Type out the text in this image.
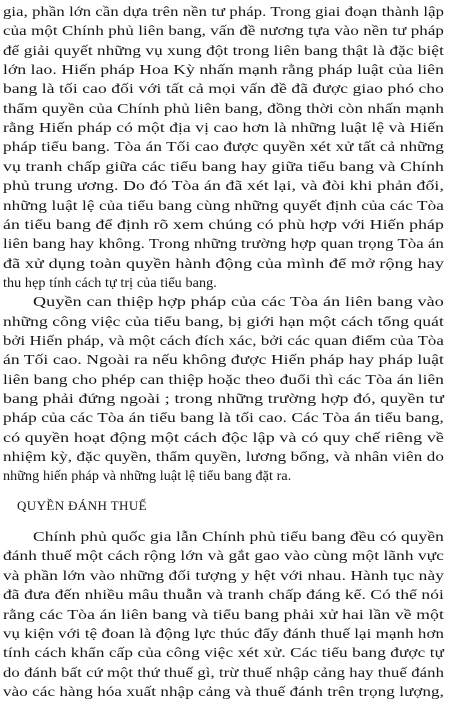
gia, phần lớn cần dựa trên nền tư pháp. Trong giai đoạn thành lập
của một Chính phủ liên bang, vấn đề nương tựa vào nền tư pháp
để giải quyết những vụ xung đột trong liên bang thật là đặc biệt
lớn lao. Hiến pháp Hoa Kỳ nhấn mạnh rằng pháp luật của liên
bang là tối cao đối với tất cả mọi vấn đề đã được giao phó cho
thẩm quyền của Chính phủ liên bang, đồng thời còn nhấn mạnh
rằng Hiến pháp có một địa vị cao hơn là những luật lệ và Hiến
pháp tiểu bang. Tòa án Tối cao được quyền xét xử tất cả những
vụ tranh chấp giữa các tiểu bang hay giữa tiểu bang và Chính
phủ trung ương. Do đó Tòa án đã xét lại, và đòi khi phản đối,
những luật lệ của tiểu bang cùng những quyết định của các Tòa
án tiểu bang để định rõ xem chúng có phù hợp với Hiến pháp
liên bang hay không. Trong những trường hợp quan trọng Tòa án
đã xử dụng toàn quyền hành động của mình để mở rộng hay
thu hẹp tính cách tự trị của tiểu bang.
Quyền can thiệp hợp pháp của các Tòa án liên bang vào
những công việc của tiểu bang, bị giới hạn một cách tổng quát
bởi Hiến pháp, và một cách đích xác, bởi các quan điểm của Tòa
án Tối cao. Ngoài ra nếu không được Hiến pháp hay pháp luật
liên bang cho phép can thiệp hoặc theo đuổi thì các Tòa án liên
bang phải đứng ngoài ; trong những trường hợp đó, quyền tư
pháp của các Tòa án tiểu bang là tối cao. Các Tòa án tiểu bang,
có quyền hoạt động một cách độc lập và có quy chế riêng về
nhiệm kỳ, đặc quyền, thẩm quyền, lương bổng, và nhân viên do
những hiến pháp và những luật lệ tiểu bang đặt ra.
QUYỀN ĐÁNH THUẾ
Chính phủ quốc gia lẫn Chính phủ tiểu bang đều có quyền
đánh thuế một cách rộng lớn và gắt gao vào cùng một lãnh vực
và phần lớn vào những đối tượng y hệt với nhau. Hành tục này
đã đưa đến nhiều mâu thuẫn và tranh chấp đáng kể. Có thể nói
rằng các Tòa án liên bang và tiểu bang phải xử hai lần về một
vụ kiện với tệ đoan là động lực thúc đẩy đánh thuế lại mạnh hơn
tính cách khẩn cấp của công việc xét xử. Các tiểu bang được tự
do đánh bất cứ một thứ thuế gì, trừ thuế nhập cảng hay thuế đánh
vào các hàng hóa xuất nhập cảng và thuế đánh trên trọng lượng,
